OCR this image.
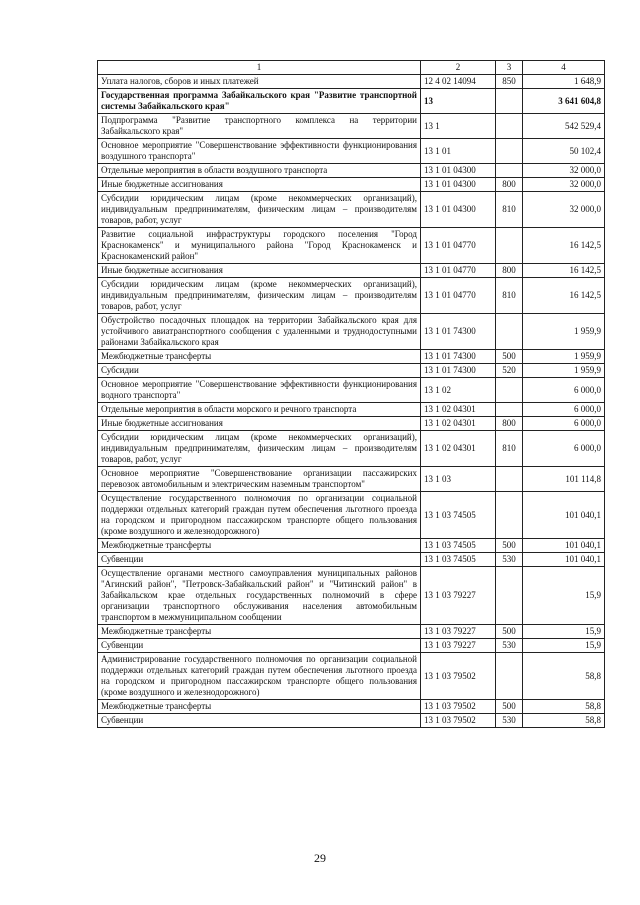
1	2	3	4
Уплата налогов, сборов и иных платежей	12 4 02 14094	850	1 648,9
Государственная программа Забайкальского края "Развитие транспортной системы Забайкальского края"	13		3 641 604,8
Подпрограмма "Развитие транспортного комплекса на территории Забайкальского края"	13 1		542 529,4
Основное мероприятие "Совершенствование эффективности функционирования воздушного транспорта"	13 1 01		50 102,4
Отдельные мероприятия в области воздушного транспорта	13 1 01 04300		32 000,0
Иные бюджетные ассигнования	13 1 01 04300	800	32 000,0
Субсидии юридическим лицам (кроме некоммерческих организаций), индивидуальным предпринимателям, физическим лицам – производителям товаров, работ, услуг	13 1 01 04300	810	32 000,0
Развитие социальной инфраструктуры городского поселения "Город Краснокаменск" и муниципального района "Город Краснокаменск и Краснокаменский район"	13 1 01 04770		16 142,5
Иные бюджетные ассигнования	13 1 01 04770	800	16 142,5
Субсидии юридическим лицам (кроме некоммерческих организаций), индивидуальным предпринимателям, физическим лицам – производителям товаров, работ, услуг	13 1 01 04770	810	16 142,5
Обустройство посадочных площадок на территории Забайкальского края для устойчивого авиатранспортного сообщения с удаленными и труднодоступными районами Забайкальского края	13 1 01 74300		1 959,9
Межбюджетные трансферты	13 1 01 74300	500	1 959,9
Субсидии	13 1 01 74300	520	1 959,9
Основное мероприятие "Совершенствование эффективности функционирования водного транспорта"	13 1 02		6 000,0
Отдельные мероприятия в области морского и речного транспорта	13 1 02 04301		6 000,0
Иные бюджетные ассигнования	13 1 02 04301	800	6 000,0
Субсидии юридическим лицам (кроме некоммерческих организаций), индивидуальным предпринимателям, физическим лицам – производителям товаров, работ, услуг	13 1 02 04301	810	6 000,0
Основное мероприятие "Совершенствование организации пассажирских перевозок автомобильным и электрическим наземным транспортом"	13 1 03		101 114,8
Осуществление государственного полномочия по организации социальной поддержки отдельных категорий граждан путем обеспечения льготного проезда на городском и пригородном пассажирском транспорте общего пользования (кроме воздушного и железнодорожного)	13 1 03 74505		101 040,1
Межбюджетные трансферты	13 1 03 74505	500	101 040,1
Субвенции	13 1 03 74505	530	101 040,1
Осуществление органами местного самоуправления муниципальных районов "Агинский район", "Петровск-Забайкальский район" и "Читинский район" в Забайкальском крае отдельных государственных полномочий в сфере организации транспортного обслуживания населения автомобильным транспортом в межмуниципальном сообщении	13 1 03 79227		15,9
Межбюджетные трансферты	13 1 03 79227	500	15,9
Субвенции	13 1 03 79227	530	15,9
Администрирование государственного полномочия по организации социальной поддержки отдельных категорий граждан путем обеспечения льготного проезда на городском и пригородном пассажирском транспорте общего пользования (кроме воздушного и железнодорожного)	13 1 03 79502		58,8
Межбюджетные трансферты	13 1 03 79502	500	58,8
Субвенции	13 1 03 79502	530	58,8
29
